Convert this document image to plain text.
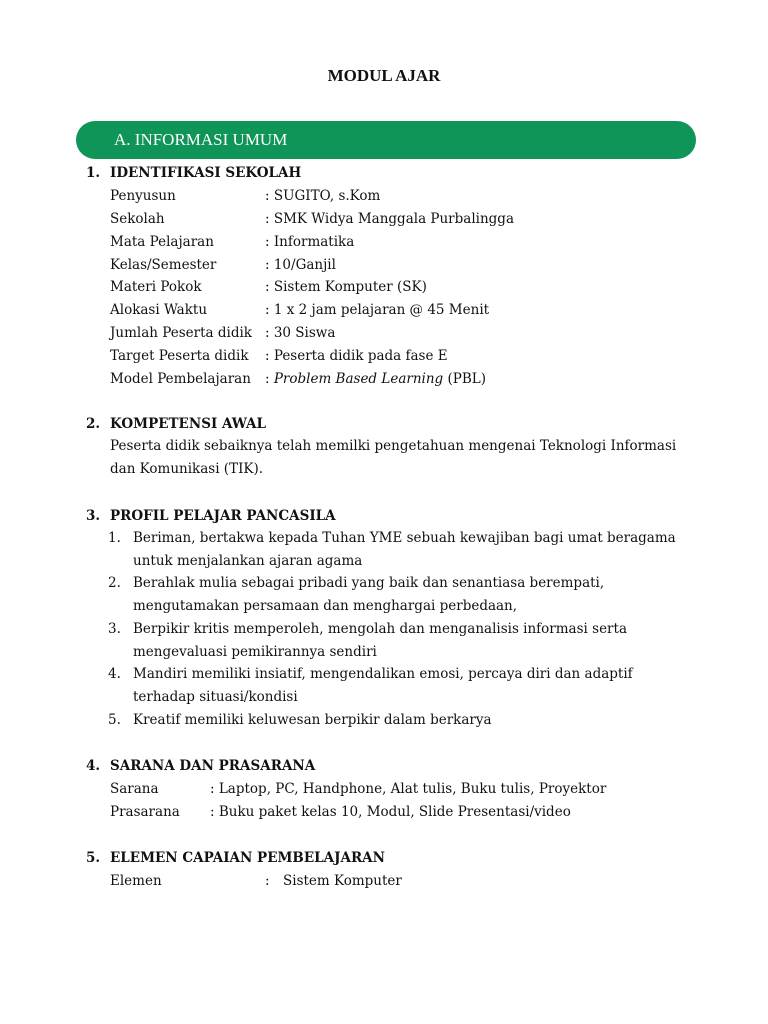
MODUL AJAR
A. INFORMASI UMUM
1. IDENTIFIKASI SEKOLAH
Penyusun	: SUGITO, s.Kom
Sekolah	: SMK Widya Manggala Purbalingga
Mata Pelajaran	: Informatika
Kelas/Semester	: 10/Ganjil
Materi Pokok	: Sistem Komputer (SK)
Alokasi Waktu	: 1 x 2 jam pelajaran @ 45 Menit
Jumlah Peserta didik : 30 Siswa
Target Peserta didik : Peserta didik pada fase E
Model Pembelajaran : Problem Based Learning (PBL)
2. KOMPETENSI AWAL
Peserta didik sebaiknya telah memilki pengetahuan mengenai Teknologi Informasi dan Komunikasi (TIK).
3. PROFIL PELAJAR PANCASILA
1. Beriman, bertakwa kepada Tuhan YME sebuah kewajiban bagi umat beragama untuk menjalankan ajaran agama
2. Berahlak mulia sebagai pribadi yang baik dan senantiasa berempati, mengutamakan persamaan dan menghargai perbedaan,
3. Berpikir kritis memperoleh, mengolah dan menganalisis informasi serta mengevaluasi pemikirannya sendiri
4. Mandiri memiliki insiatif, mengendalikan emosi, percaya diri dan adaptif terhadap situasi/kondisi
5. Kreatif memiliki keluwesan berpikir dalam berkarya
4. SARANA DAN PRASARANA
Sarana	: Laptop, PC, Handphone, Alat tulis, Buku tulis, Proyektor
Prasarana : Buku paket kelas 10, Modul, Slide Presentasi/video
5. ELEMEN CAPAIAN PEMBELAJARAN
Elemen	: Sistem Komputer
